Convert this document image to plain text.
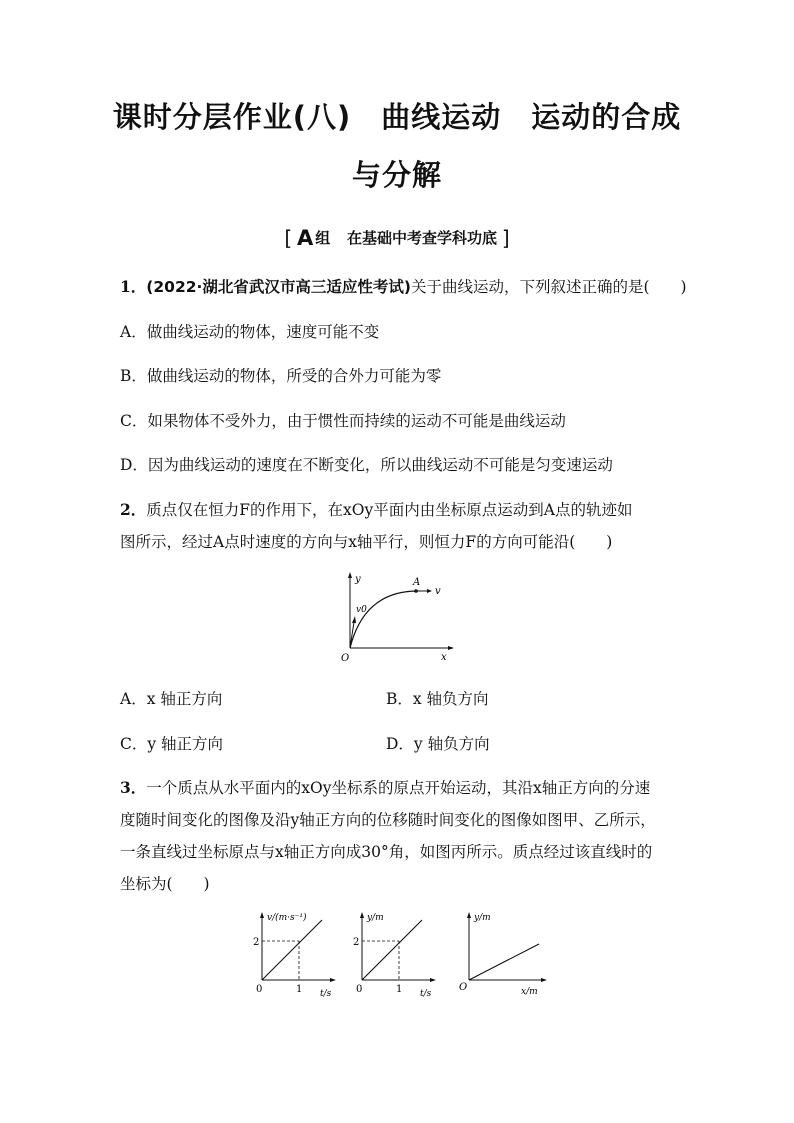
课时分层作业(八)　曲线运动　运动的合成
与分解
[ A 组 在基础中考查学科功底 ]
1．(2022·湖北省武汉市高三适应性考试)关于曲线运动，下列叙述正确的是(　　)
A．做曲线运动的物体，速度可能不变
B．做曲线运动的物体，所受的合外力可能为零
C．如果物体不受外力，由于惯性而持续的运动不可能是曲线运动
D．因为曲线运动的速度在不断变化，所以曲线运动不可能是匀变速运动
2．质点仅在恒力F的作用下，在xOy平面内由坐标原点运动到A点的轨迹如
图所示，经过A点时速度的方向与x轴平行，则恒力F的方向可能沿(　　)
y
x
O
A
v
v0
A．x 轴正方向	B．x 轴负方向
C．y 轴正方向	D．y 轴负方向
3．一个质点从水平面内的xOy坐标系的原点开始运动，其沿x轴正方向的分速
度随时间变化的图像及沿y轴正方向的位移随时间变化的图像如图甲、乙所示，
一条直线过坐标原点与x轴正方向成30°角，如图丙所示。质点经过该直线时的
坐标为(　　)
v/(m·s⁻¹)
2
0	1 t/s
y/m
2
0	1 t/s
y/m
O	x/m
